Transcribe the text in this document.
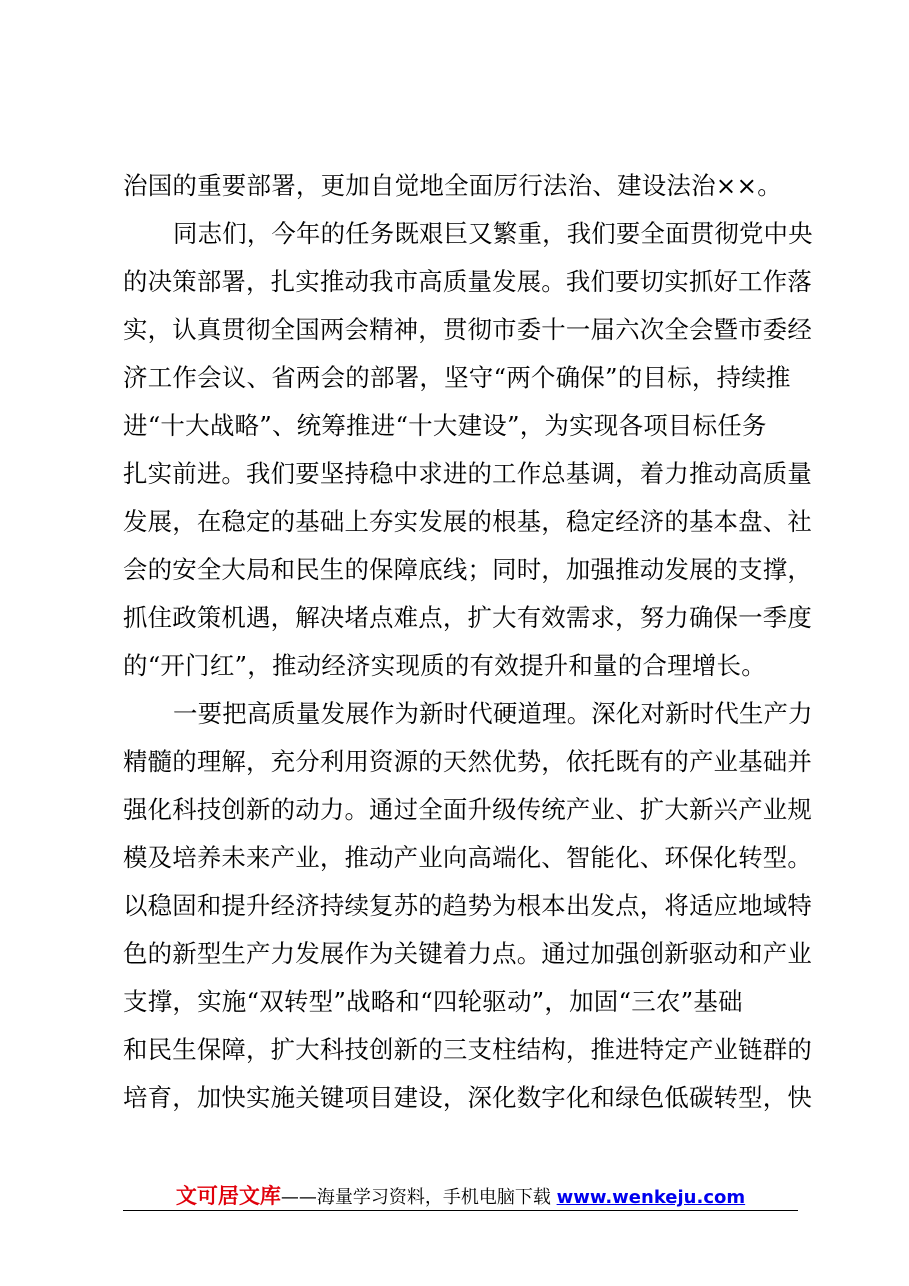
治国的重要部署，更加自觉地全面厉行法治、建设法治××。
同志们，今年的任务既艰巨又繁重，我们要全面贯彻党中央
的决策部署，扎实推动我市高质量发展。我们要切实抓好工作落
实，认真贯彻全国两会精神，贯彻市委十一届六次全会暨市委经
济工作会议、省两会的部署，坚守“两个确保”的目标，持续推
进“十大战略”、统筹推进“十大建设”，为实现各项目标任务
扎实前进。我们要坚持稳中求进的工作总基调，着力推动高质量
发展，在稳定的基础上夯实发展的根基，稳定经济的基本盘、社
会的安全大局和民生的保障底线；同时，加强推动发展的支撑，
抓住政策机遇，解决堵点难点，扩大有效需求，努力确保一季度
的“开门红”，推动经济实现质的有效提升和量的合理增长。
一要把高质量发展作为新时代硬道理。深化对新时代生产力
精髓的理解，充分利用资源的天然优势，依托既有的产业基础并
强化科技创新的动力。通过全面升级传统产业、扩大新兴产业规
模及培养未来产业，推动产业向高端化、智能化、环保化转型。
以稳固和提升经济持续复苏的趋势为根本出发点，将适应地域特
色的新型生产力发展作为关键着力点。通过加强创新驱动和产业
支撑，实施“双转型”战略和“四轮驱动”，加固“三农”基础
和民生保障，扩大科技创新的三支柱结构，推进特定产业链群的
培育，加快实施关键项目建设，深化数字化和绿色低碳转型，快
文可居文库——海量学习资料，手机电脑下载 www.wenkeju.com
